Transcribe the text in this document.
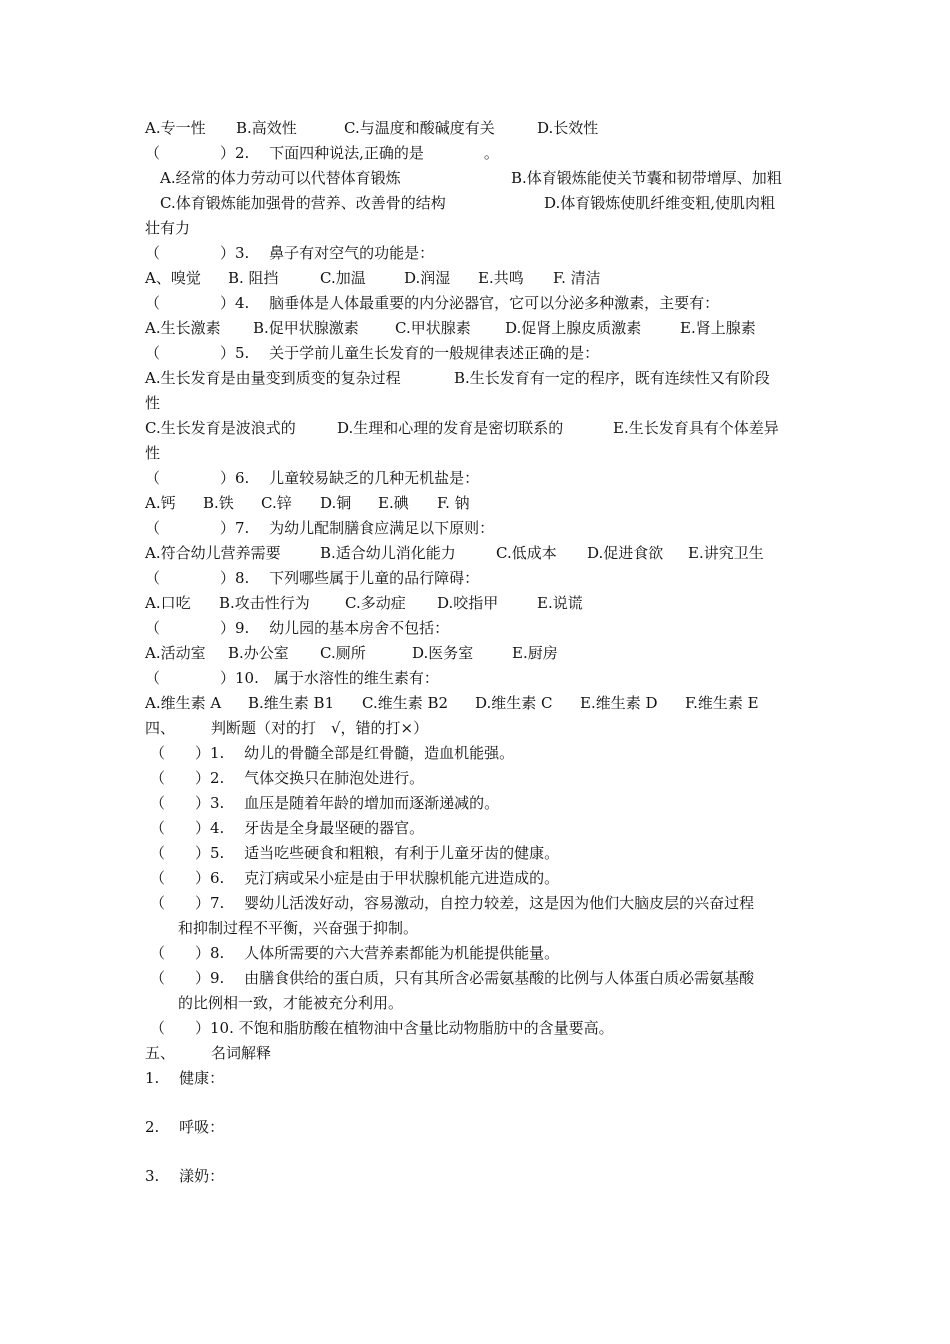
A.专一性

B.高效性

	C.与温度和酸碱度有关

	D.长效性

（　　　　）2.　 下面四种说法,正确的是　　　　。

A.经常的体力劳动可以代替体育锻炼

	B.体育锻炼能使关节囊和韧带增厚、加粗

C.体育锻炼能加强骨的营养、改善骨的结构

	D.体育锻炼使肌纤维变粗,使肌肉粗

壮有力

（　　　　）3.　 鼻子有对空气的功能是：

A、嗅觉

B. 阻挡

	C.加温

	D.润湿

E.共鸣

F. 清洁

（　　　　）4.　 脑垂体是人体最重要的内分泌器官，它可以分泌多种激素，主要有：

A.生长激素

B.促甲状腺激素

C.甲状腺素

D.促肾上腺皮质激素

	E.肾上腺素

（　　　　）5.　 关于学前儿童生长发育的一般规律表述正确的是：

A.生长发育是由量变到质变的复杂过程

	B.生长发育有一定的程序，既有连续性又有阶段

性

C.生长发育是波浪式的

	D.生理和心理的发育是密切联系的

	E.生长发育具有个体差异

性

（　　　　）6.　 儿童较易缺乏的几种无机盐是：

A.钙

B.铁

C.锌

D.铜

E.碘

F. 钠

（　　　　）7.　 为幼儿配制膳食应满足以下原则：

A.符合幼儿营养需要

	B.适合幼儿消化能力

	C.低成本

D.促进食欲

E.讲究卫生

（　　　　）8.　 下列哪些属于儿童的品行障碍：

A.口吃

B.攻击性行为

C.多动症

D.咬指甲

	E.说谎

（　　　　）9.　 幼儿园的基本房舍不包括：

A.活动室

B.办公室

C.厕所

	D.医务室

	E.厨房

（　　　　）10.　属于水溶性的维生素有：

A.维生素 A

B.维生素 B1

C.维生素 B2

D.维生素 C

E.维生素 D

F.维生素 E

四、

判断题（对的打　√，错的打×）

（　　）1.　 幼儿的骨髓全部是红骨髓，造血机能强。

（　　）2.　 气体交换只在肺泡处进行。

（　　）3.　 血压是随着年龄的增加而逐渐递减的。

（　　）4.　 牙齿是全身最坚硬的器官。

（　　）5.　 适当吃些硬食和粗粮，有利于儿童牙齿的健康。

（　　）6.　 克汀病或呆小症是由于甲状腺机能亢进造成的。

（　　）7.　 婴幼儿活泼好动，容易激动，自控力较差，这是因为他们大脑皮层的兴奋过程

和抑制过程不平衡，兴奋强于抑制。

（　　）8.　 人体所需要的六大营养素都能为机能提供能量。

（　　）9.　 由膳食供给的蛋白质，只有其所含必需氨基酸的比例与人体蛋白质必需氨基酸

的比例相一致，才能被充分利用。

（　　）10. 不饱和脂肪酸在植物油中含量比动物脂肪中的含量要高。

五、

名词解释

1.　 健康：

2.　 呼吸：

3.　 漾奶：
